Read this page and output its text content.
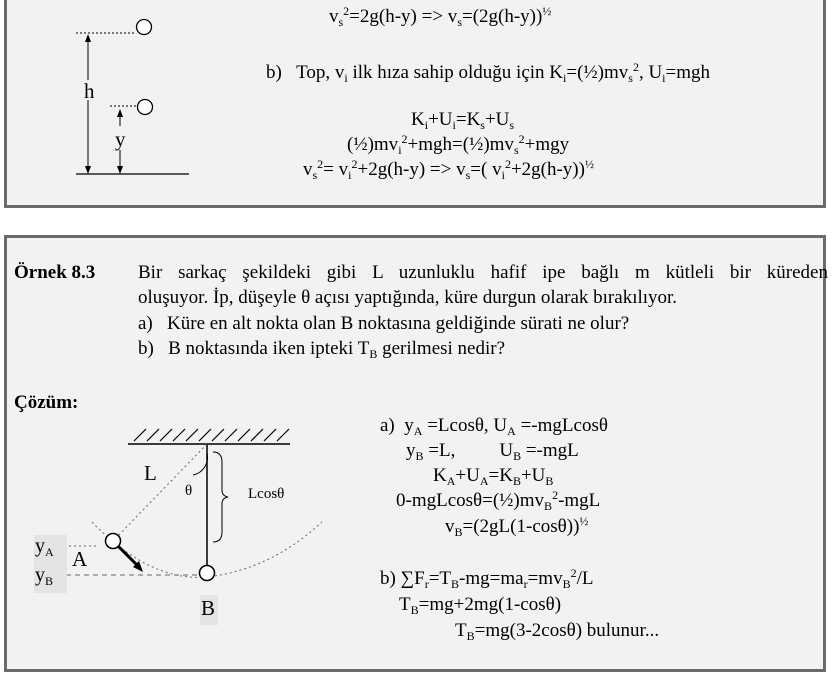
h
y
$v_s^2=2g(h-y) => v_s=(2g(h-y))^{\frac{1}{2}}$
b) Top, $v_i$ ilk hıza sahip olduğu için $K_i=(\frac{1}{2})mv_s^2$, $U_i=mgh$
$K_i+U_i=K_s+U_s$
$(\frac{1}{2})mv_i^2+mgh=(\frac{1}{2})mv_s^2+mgy$
$v_s^2= v_i^2+2g(h-y) => v_s=$( $v_i^2+2g(h-y))^{\frac{1}{2}}$
Örnek 8.3 Bir sarkaç şekildeki gibi L uzunluklu hafif ipe bağlı m kütleli bir küreden
oluşuyor. İp, düşeyle θ açısı yaptığında, küre durgun olarak bırakılıyor.
a) Küre en alt nokta olan B noktasına geldiğinde sürati ne olur?
b) B noktasında iken ipteki $T_B$ gerilmesi nedir?
Çözüm:
L
θ	Lcosθ
$y_A$
$y_B$
A
B
a) $y_A =Lcos\theta$, $U_A =-mgLcos\theta$
$y_B =L$, $U_B =-mgL$
$K_A+U_A=K_B+U_B$
$0-mgLcos\theta=(\frac{1}{2})mv_B^2$-mgL
$v_B=(2gL(1-\cos\theta))^{\frac{1}{2}}$
b) $\sum F_r=T_B-mg=ma_r=mv_B^2/L$
$T_B=mg+2mg(1-\cos\theta)$
$T_B=mg(3-2\cos\theta)$ bulunur...
